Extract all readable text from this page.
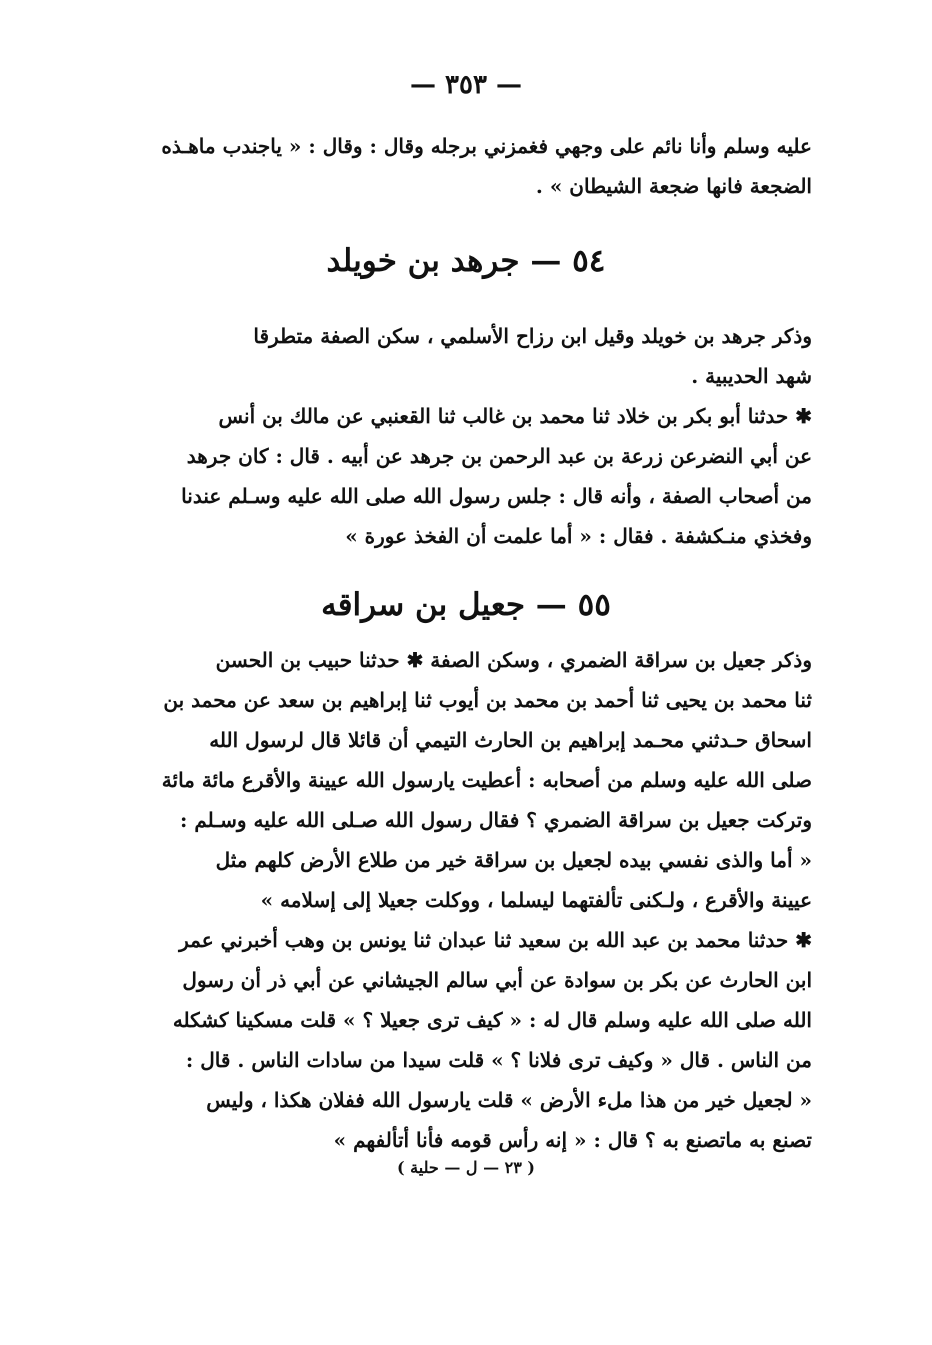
— ٣٥٣ —
عليه وسلم وأنا نائم على وجهي فغمزني برجله وقال : وقال : « ياجندب ماهـذه
الضجعة فانها ضجعة الشيطان » .
٥٤ — جرهد بن خويلد
وذكر جرهد بن خويلد وقيل ابن رزاح الأسلمي ، سكن الصفة متطرقا
شهد الحديبية .
✱ حدثنا أبو بكر بن خلاد ثنا محمد بن غالب ثنا القعنبي عن مالك بن أنس
عن أبي النضرعن زرعة بن عبد الرحمن بن جرهد عن أبيه . قال : كان جرهد
من أصحاب الصفة ، وأنه قال : جلس رسول الله صلى الله عليه وسـلم عندنا
وفخذي منـكشفة . فقال : « أما علمت أن الفخذ عورة »
٥٥ — جعيل بن سراقه
وذكر جعيل بن سراقة الضمري ، وسكن الصفة ✱ حدثنا حبيب بن الحسن
ثنا محمد بن يحيى ثنا أحمد بن محمد بن أيوب ثنا إبراهيم بن سعد عن محمد بن
اسحاق حـدثني محـمد إبراهيم بن الحارث التيمي أن قائلا قال لرسول الله
صلى الله عليه وسلم من أصحابه : أعطيت يارسول الله عيينة والأقرع مائة مائة
وتركت جعيل بن سراقة الضمري ؟ فقال رسول الله صـلى الله عليه وسـلم :
« أما والذى نفسي بيده لجعيل بن سراقة خير من طلاع الأرض كلهم مثل
عيينة والأقرع ، ولـكنى تألفتهما ليسلما ، ووكلت جعيلا إلى إسلامه »
✱ حدثنا محمد بن عبد الله بن سعيد ثنا عبدان ثنا يونس بن وهب أخبرني عمر
ابن الحارث عن بكر بن سوادة عن أبي سالم الجيشاني عن أبي ذر أن رسول
الله صلى الله عليه وسلم قال له : « كيف ترى جعيلا ؟ » قلت مسكينا كشكله
من الناس . قال « وكيف ترى فلانا ؟ » قلت سيدا من سادات الناس . قال :
« لجعيل خير من هذا ملء الأرض » قلت يارسول الله ففلان هكذا ، وليس
تصنع به ماتصنع به ؟ قال : « إنه رأس قومه فأنا أتألفهم »
( ٢٣ — ل — حلية )
